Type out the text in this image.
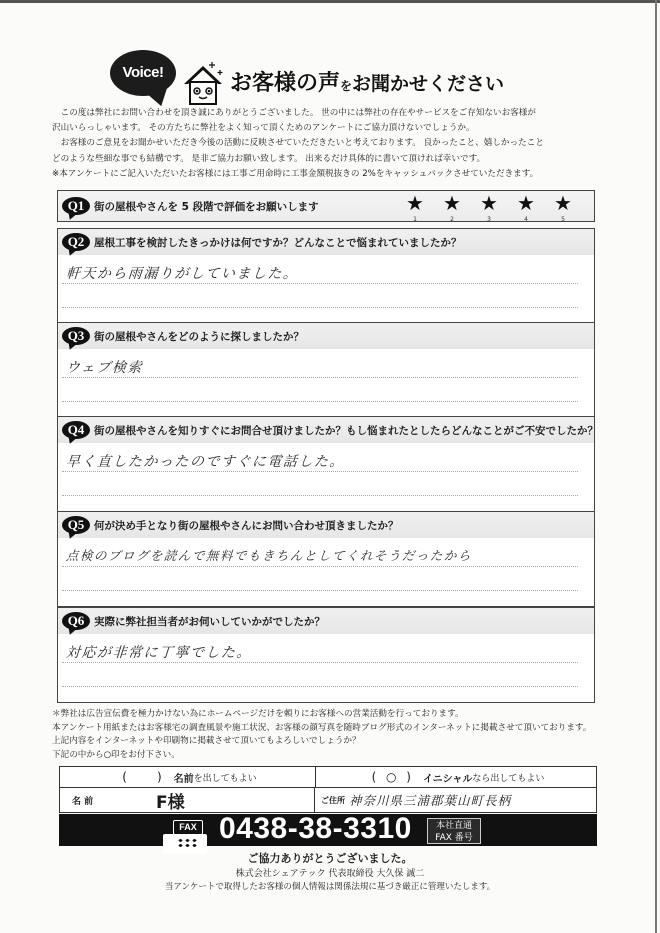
Voice!	お客様の声をお聞かせください
　この度は弊社にお問い合わせを頂き誠にありがとうございました。 世の中には弊社の存在やサービスをご存知ないお客様が
沢山いらっしゃいます。 その方たちに弊社をよく知って頂くためのアンケートにご協力頂けないでしょうか。
　お客様のご意見をお聞かせいただき今後の活動に反映させていただきたいと考えております。 良かったこと、嬉しかったこと
どのような些細な事でも結構です。 是非ご協力お願い致します。 出来るだけ具体的に書いて頂ければ幸いです。
※本アンケートにご記入いただいたお客様には工事ご用命時に工事金額税抜きの 2%をキャッシュバックさせていただきます。
Q1 街の屋根やさんを 5 段階で評価をお願いします	★
1
★
2
★
3
★
4
★
5
Q2 屋根工事を検討したきっかけは何ですか？どんなことで悩まれていましたか？
軒天から雨漏りがしていました。
Q3 街の屋根やさんをどのように探しましたか？
ウェブ検索
Q4 街の屋根やさんを知りすぐにお問合せ頂けましたか？もし悩まれたとしたらどんなことがご不安でしたか？
早く直したかったのですぐに電話した。
Q5 何が決め手となり街の屋根やさんにお問い合わせ頂きましたか？
点検のブログを読んで無料でもきちんとしてくれそうだったから
Q6 実際に弊社担当者がお伺いしていかがでしたか？
対応が非常に丁寧でした。
＊弊社は広告宣伝費を極力かけない為にホームページだけを頼りにお客様への営業活動を行っております。
本アンケート用紙またはお客様宅の調査風景や施工状況、お客様の顔写真を随時ブログ形式のインターネットに掲載させて頂いております。
上記内容をインターネットや印刷物に掲載させて頂いてもよろしいでしょうか？
下記の中から○印をお付下さい。
(	) 名前 を出してもよい	( ○ ) イニシャル なら出してもよい
名 前	F様	ご住所 神奈川県三浦郡葉山町長柄
FAX 0438-38-3310	本社直通
FAX 番号
ご協力ありがとうございました。
株式会社シェアテック 代表取締役 大久保 誠二
当アンケートで取得したお客様の個人情報は関係法規に基づき厳正に管理いたします。
